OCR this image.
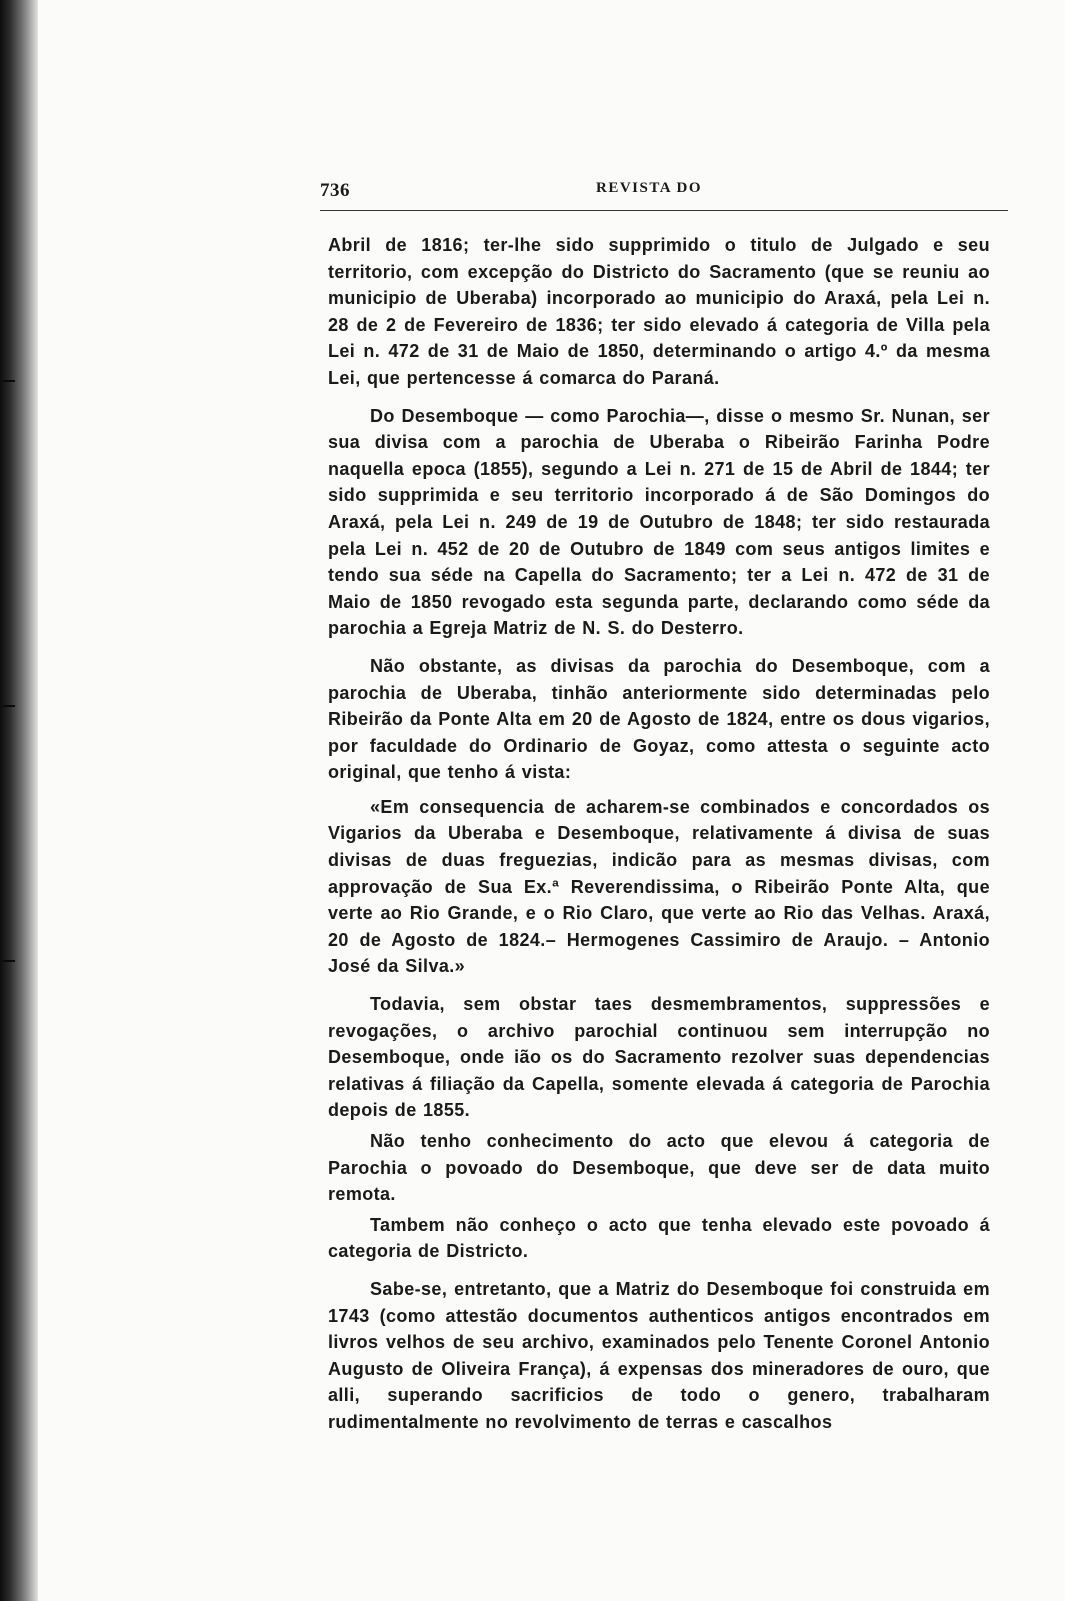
736	REVISTA DO

Abril de 1816; ter-lhe sido supprimido o titulo de Julgado e seu territorio, com excepção do Districto do Sacramento (que se reuniu ao municipio de Uberaba) incorporado ao municipio do Araxá, pela Lei n. 28 de 2 de Fevereiro de 1836; ter sido elevado á categoria de Villa pela Lei n. 472 de 31 de Maio de 1850, determinando o artigo 4.º da mesma Lei, que pertencesse á comarca do Paraná.

Do Desemboque — como Parochia—, disse o mesmo Sr. Nunan, ser sua divisa com a parochia de Uberaba o Ribeirão Farinha Podre naquella epoca (1855), segundo a Lei n. 271 de 15 de Abril de 1844; ter sido supprimida e seu territorio incorporado á de São Domingos do Araxá, pela Lei n. 249 de 19 de Outubro de 1848; ter sido restaurada pela Lei n. 452 de 20 de Outubro de 1849 com seus antigos limites e tendo sua séde na Capella do Sacramento; ter a Lei n. 472 de 31 de Maio de 1850 revogado esta segunda parte, declarando como séde da parochia a Egreja Matriz de N. S. do Desterro.

Não obstante, as divisas da parochia do Desemboque, com a parochia de Uberaba, tinhão anteriormente sido determinadas pelo Ribeirão da Ponte Alta em 20 de Agosto de 1824, entre os dous vigarios, por faculdade do Ordinario de Goyaz, como attesta o seguinte acto original, que tenho á vista:

«Em consequencia de acharem-se combinados e concordados os Vigarios da Uberaba e Desemboque, relativamente á divisa de suas divisas de duas freguezias, indicão para as mesmas divisas, com approvação de Sua Ex.ª Reverendissima, o Ribeirão Ponte Alta, que verte ao Rio Grande, e o Rio Claro, que verte ao Rio das Velhas. Araxá, 20 de Agosto de 1824.– Hermogenes Cassimiro de Araujo. – Antonio José da Silva.»

Todavia, sem obstar taes desmembramentos, suppressões e revogações, o archivo parochial continuou sem interrupção no Desemboque, onde ião os do Sacramento rezolver suas dependencias relativas á filiação da Capella, somente elevada á categoria de Parochia depois de 1855.

Não tenho conhecimento do acto que elevou á categoria de Parochia o povoado do Desemboque, que deve ser de data muito remota.

Tambem não conheço o acto que tenha elevado este povoado á categoria de Districto.

Sabe-se, entretanto, que a Matriz do Desemboque foi construida em 1743 (como attestão documentos authenticos antigos encontrados em livros velhos de seu archivo, examinados pelo Tenente Coronel Antonio Augusto de Oliveira França), á expensas dos mineradores de ouro, que alli, superando sacrificios de todo o genero, trabalharam rudimentalmente no revolvimento de terras e cascalhos
